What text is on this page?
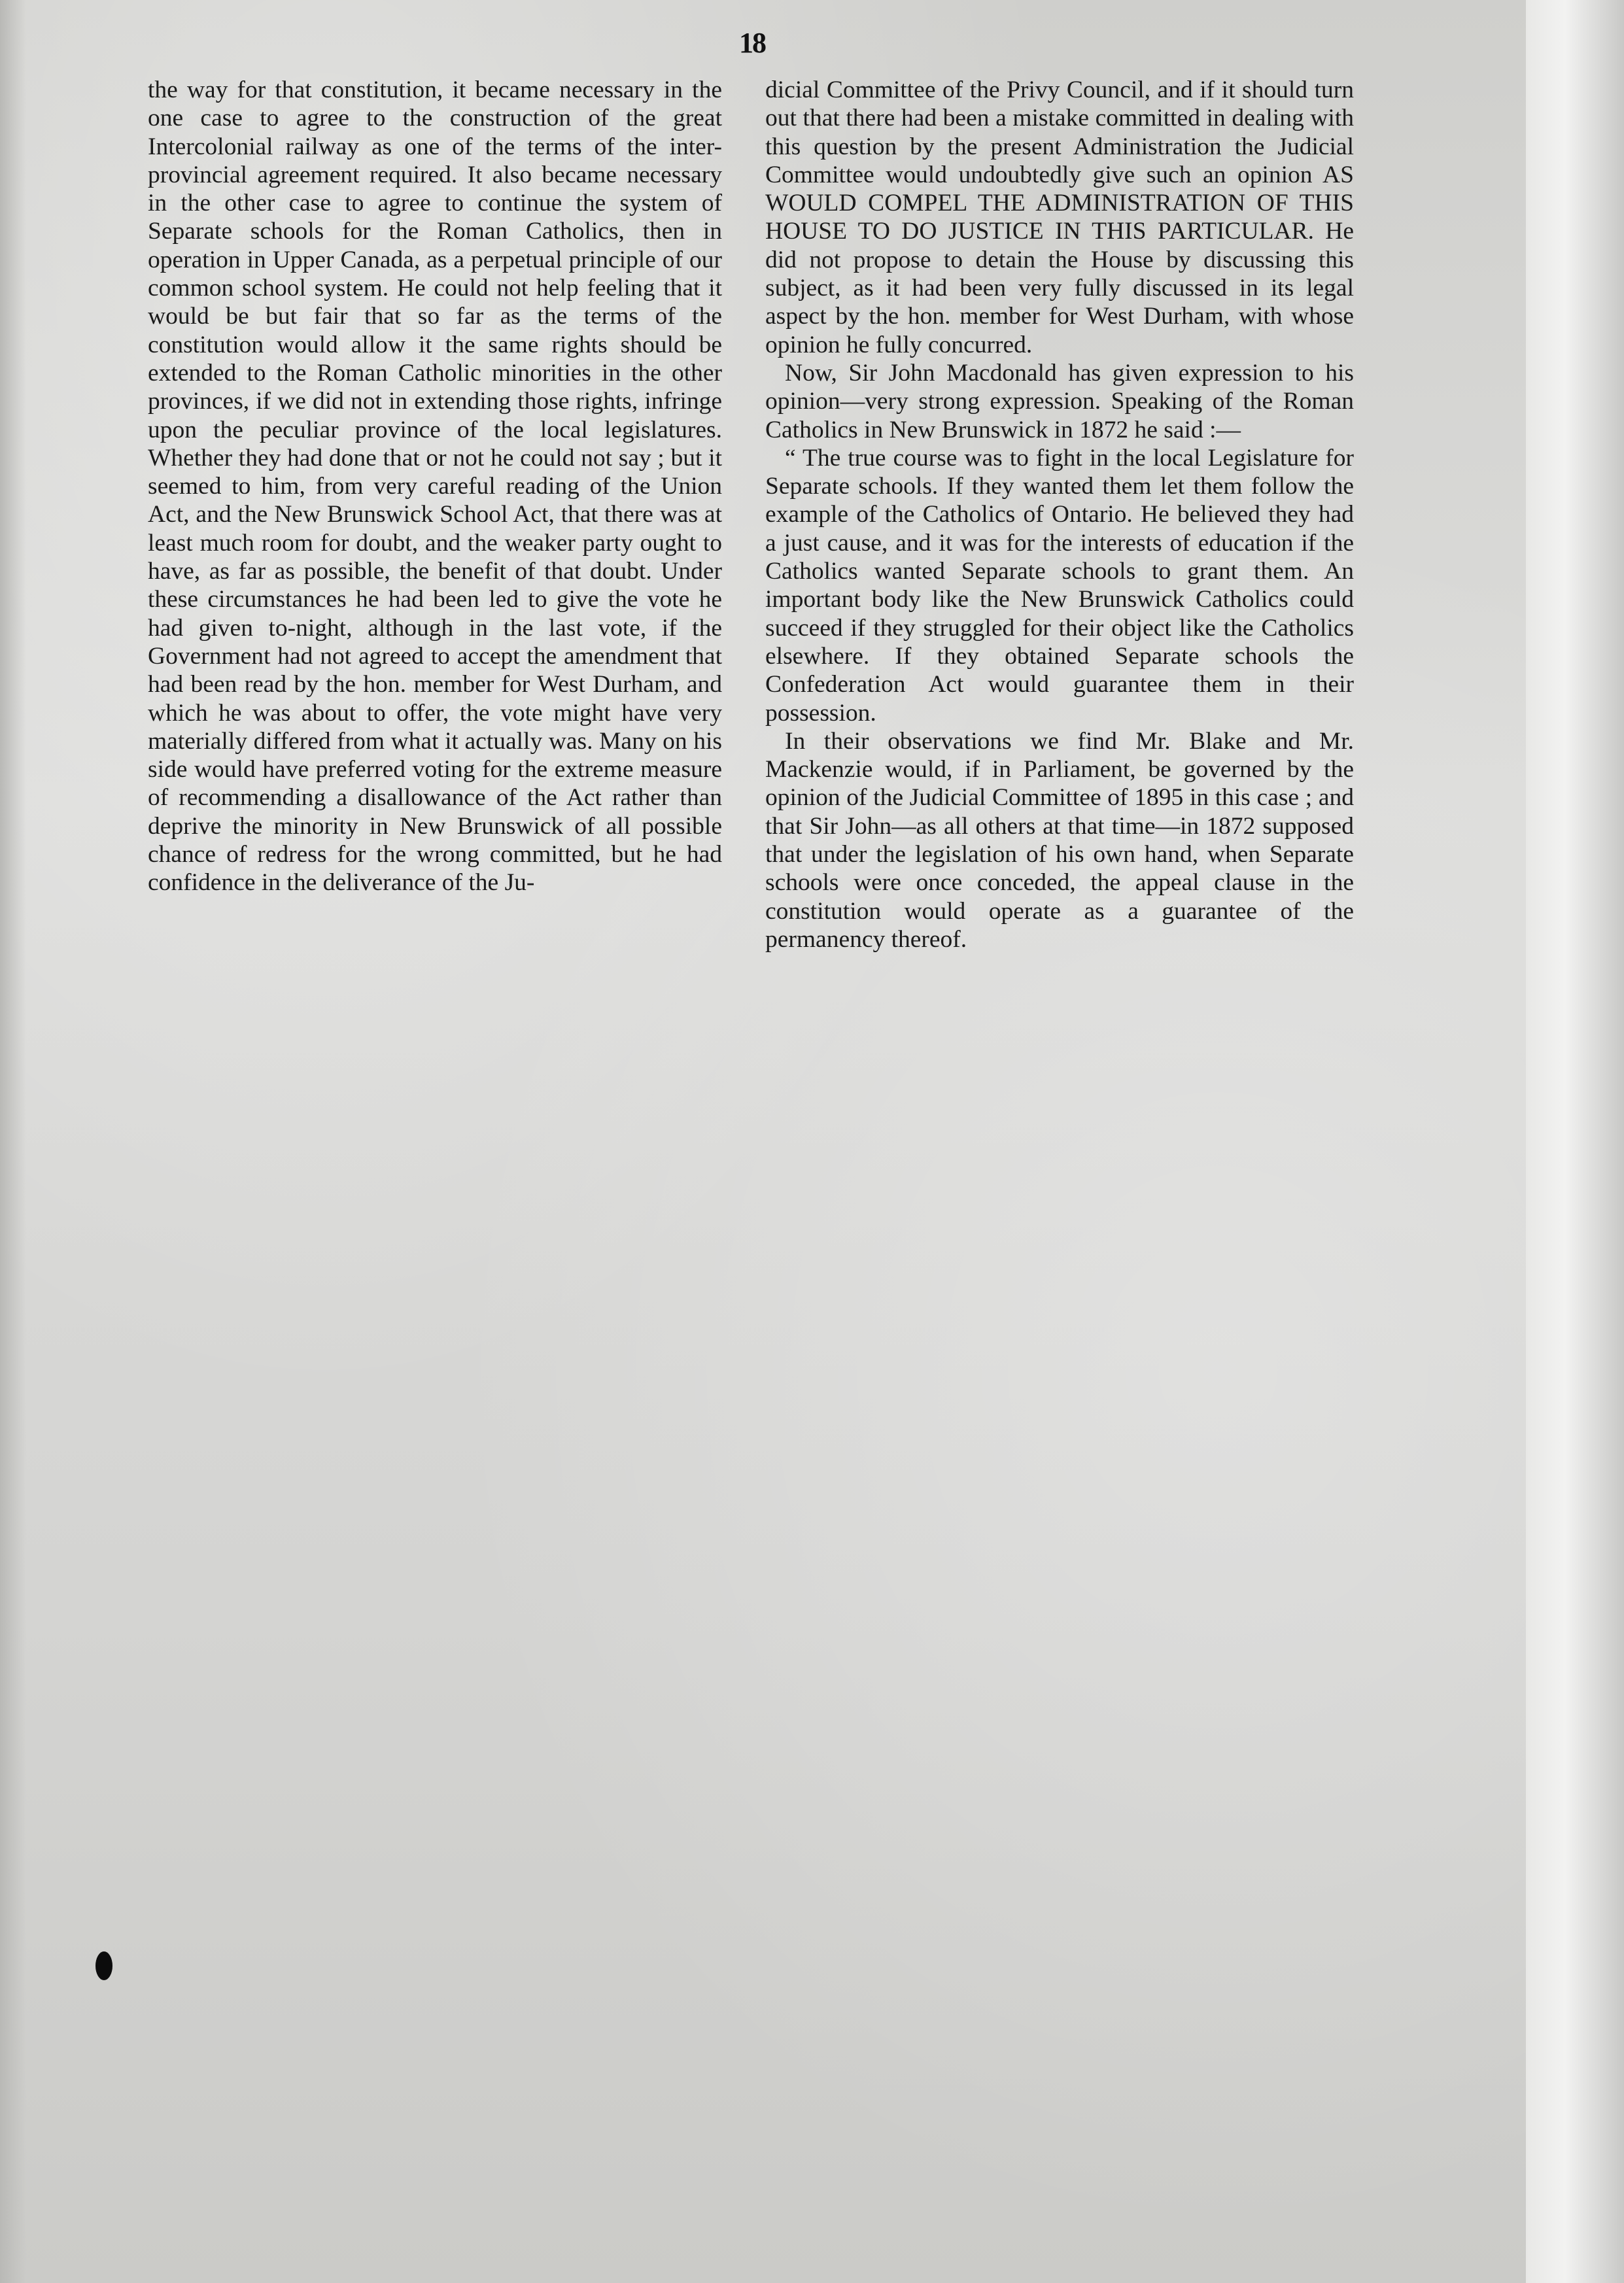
18

the way for that constitution, it became necessary in the one case to agree to the construction of the great Intercolonial railway as one of the terms of the inter-provincial agreement required. It also became necessary in the other case to agree to continue the system of Separate schools for the Roman Catholics, then in operation in Upper Canada, as a perpetual principle of our common school system. He could not help feeling that it would be but fair that so far as the terms of the constitution would allow it the same rights should be extended to the Roman Catholic minorities in the other provinces, if we did not in extending those rights, infringe upon the peculiar province of the local legislatures. Whether they had done that or not he could not say ; but it seemed to him, from very careful reading of the Union Act, and the New Brunswick School Act, that there was at least much room for doubt, and the weaker party ought to have, as far as possible, the benefit of that doubt. Under these circumstances he had been led to give the vote he had given to-night, although in the last vote, if the Government had not agreed to accept the amendment that had been read by the hon. member for West Durham, and which he was about to offer, the vote might have very materially differed from what it actually was. Many on his side would have preferred voting for the extreme measure of recommending a disallowance of the Act rather than deprive the minority in New Brunswick of all possible chance of redress for the wrong committed, but he had confidence in the deliverance of the Ju-

dicial Committee of the Privy Council, and if it should turn out that there had been a mistake committed in dealing with this question by the present Administration the Judicial Committee would undoubtedly give such an opinion AS WOULD COMPEL THE ADMINISTRATION OF THIS HOUSE TO DO JUSTICE IN THIS PARTICULAR. He did not propose to detain the House by discussing this subject, as it had been very fully discussed in its legal aspect by the hon. member for West Durham, with whose opinion he fully concurred.

Now, Sir John Macdonald has given expression to his opinion—very strong expression. Speaking of the Roman Catholics in New Brunswick in 1872 he said :—

“ The true course was to fight in the local Legislature for Separate schools. If they wanted them let them follow the example of the Catholics of Ontario. He believed they had a just cause, and it was for the interests of education if the Catholics wanted Separate schools to grant them. An important body like the New Brunswick Catholics could succeed if they struggled for their object like the Catholics elsewhere. If they obtained Separate schools the Confederation Act would guarantee them in their possession.

In their observations we find Mr. Blake and Mr. Mackenzie would, if in Parliament, be governed by the opinion of the Judicial Committee of 1895 in this case ; and that Sir John—as all others at that time—in 1872 supposed that under the legislation of his own hand, when Separate schools were once conceded, the appeal clause in the constitution would operate as a guarantee of the permanency thereof.
